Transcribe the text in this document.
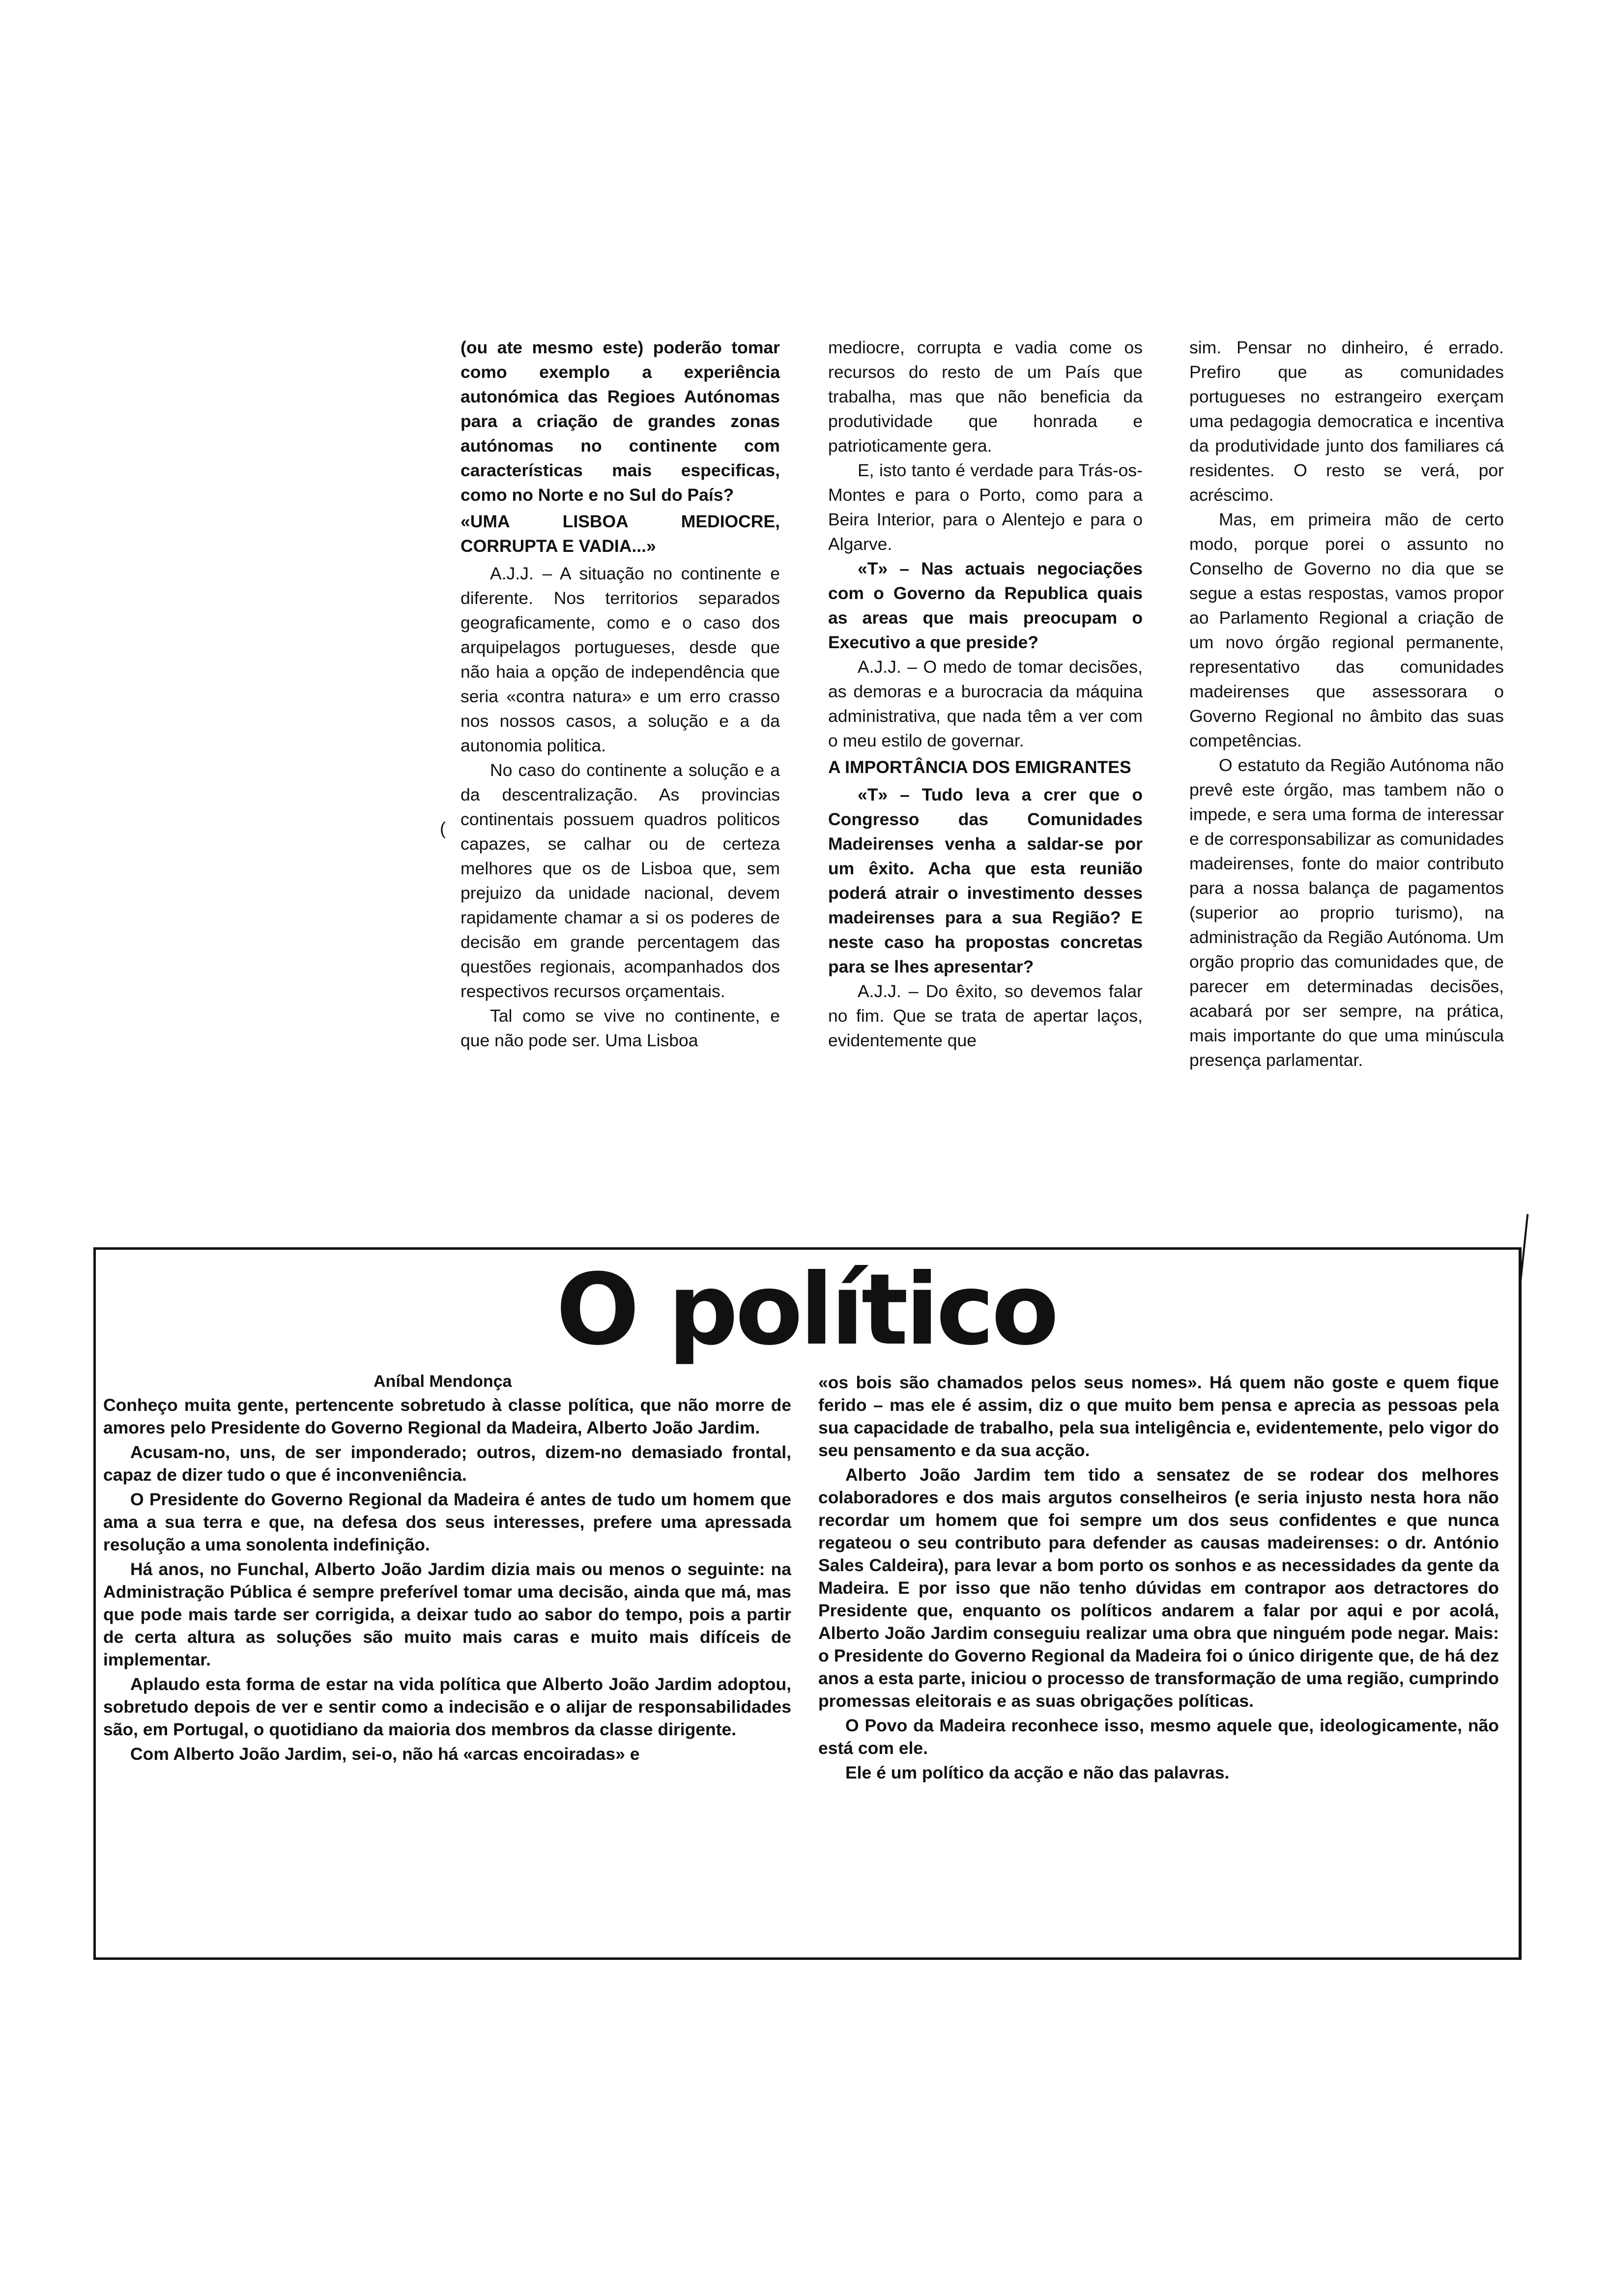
(ou ate mesmo este) poderão tomar como exemplo a experiência autonómica das Regioes Autónomas para a criação de grandes zonas autónomas no continente com características mais especificas, como no Norte e no Sul do País?

«UMA LISBOA MEDIOCRE, CORRUPTA E VADIA...»

A.J.J. – A situação no continente e diferente. Nos territorios separados geograficamente, como e o caso dos arquipelagos portugueses, desde que não haia a opção de independência que seria «contra natura» e um erro crasso nos nossos casos, a solução e a da autonomia politica.

No caso do continente a solução e a da descentralização. As provincias continentais possuem quadros politicos capazes, se calhar ou de certeza melhores que os de Lisboa que, sem prejuizo da unidade nacional, devem rapidamente chamar a si os poderes de decisão em grande percentagem das questões regionais, acompanhados dos respectivos recursos orçamentais.

Tal como se vive no continente, e que não pode ser. Uma Lisboa

mediocre, corrupta e vadia come os recursos do resto de um País que trabalha, mas que não beneficia da produtividade que honrada e patrioticamente gera.

E, isto tanto é verdade para Trás-os-Montes e para o Porto, como para a Beira Interior, para o Alentejo e para o Algarve.

«T» – Nas actuais negociações com o Governo da Republica quais as areas que mais preocupam o Executivo a que preside?

A.J.J. – O medo de tomar decisões, as demoras e a burocracia da máquina administrativa, que nada têm a ver com o meu estilo de governar.

A IMPORTÂNCIA DOS EMIGRANTES

«T» – Tudo leva a crer que o Congresso das Comunidades Madeirenses venha a saldar-se por um êxito. Acha que esta reunião poderá atrair o investimento desses madeirenses para a sua Região? E neste caso ha propostas concretas para se lhes apresentar?

A.J.J. – Do êxito, so devemos falar no fim. Que se trata de apertar laços, evidentemente que

sim. Pensar no dinheiro, é errado. Prefiro que as comunidades portugueses no estrangeiro exerçam uma pedagogia democratica e incentiva da produtividade junto dos familiares cá residentes. O resto se verá, por acréscimo.

Mas, em primeira mão de certo modo, porque porei o assunto no Conselho de Governo no dia que se segue a estas respostas, vamos propor ao Parlamento Regional a criação de um novo órgão regional permanente, representativo das comunidades madeirenses que assessorara o Governo Regional no âmbito das suas competências.

O estatuto da Região Autónoma não prevê este órgão, mas tambem não o impede, e sera uma forma de interessar e de corresponsabilizar as comunidades madeirenses, fonte do maior contributo para a nossa balança de pagamentos (superior ao proprio turismo), na administração da Região Autónoma. Um orgão proprio das comunidades que, de parecer em determinadas decisões, acabará por ser sempre, na prática, mais importante do que uma minúscula presença parlamentar.

(
O político
Aníbal Mendonça

Conheço muita gente, pertencente sobretudo à classe política, que não morre de amores pelo Presidente do Governo Regional da Madeira, Alberto João Jardim.

Acusam-no, uns, de ser imponderado; outros, dizem-no demasiado frontal, capaz de dizer tudo o que é inconveniência.

O Presidente do Governo Regional da Madeira é antes de tudo um homem que ama a sua terra e que, na defesa dos seus interesses, prefere uma apressada resolução a uma sonolenta indefinição.

Há anos, no Funchal, Alberto João Jardim dizia mais ou menos o seguinte: na Administração Pública é sempre preferível tomar uma decisão, ainda que má, mas que pode mais tarde ser corrigida, a deixar tudo ao sabor do tempo, pois a partir de certa altura as soluções são muito mais caras e muito mais difíceis de implementar.

Aplaudo esta forma de estar na vida política que Alberto João Jardim adoptou, sobretudo depois de ver e sentir como a indecisão e o alijar de responsabilidades são, em Portugal, o quotidiano da maioria dos membros da classe dirigente.

Com Alberto João Jardim, sei-o, não há «arcas encoiradas» e

«os bois são chamados pelos seus nomes». Há quem não goste e quem fique ferido – mas ele é assim, diz o que muito bem pensa e aprecia as pessoas pela sua capacidade de trabalho, pela sua inteligência e, evidentemente, pelo vigor do seu pensamento e da sua acção.

Alberto João Jardim tem tido a sensatez de se rodear dos melhores colaboradores e dos mais argutos conselheiros (e seria injusto nesta hora não recordar um homem que foi sempre um dos seus confidentes e que nunca regateou o seu contributo para defender as causas madeirenses: o dr. António Sales Caldeira), para levar a bom porto os sonhos e as necessidades da gente da Madeira. E por isso que não tenho dúvidas em contrapor aos detractores do Presidente que, enquanto os políticos andarem a falar por aqui e por acolá, Alberto João Jardim conseguiu realizar uma obra que ninguém pode negar. Mais: o Presidente do Governo Regional da Madeira foi o único dirigente que, de há dez anos a esta parte, iniciou o processo de transformação de uma região, cumprindo promessas eleitorais e as suas obrigações políticas.

O Povo da Madeira reconhece isso, mesmo aquele que, ideologicamente, não está com ele.

Ele é um político da acção e não das palavras.
